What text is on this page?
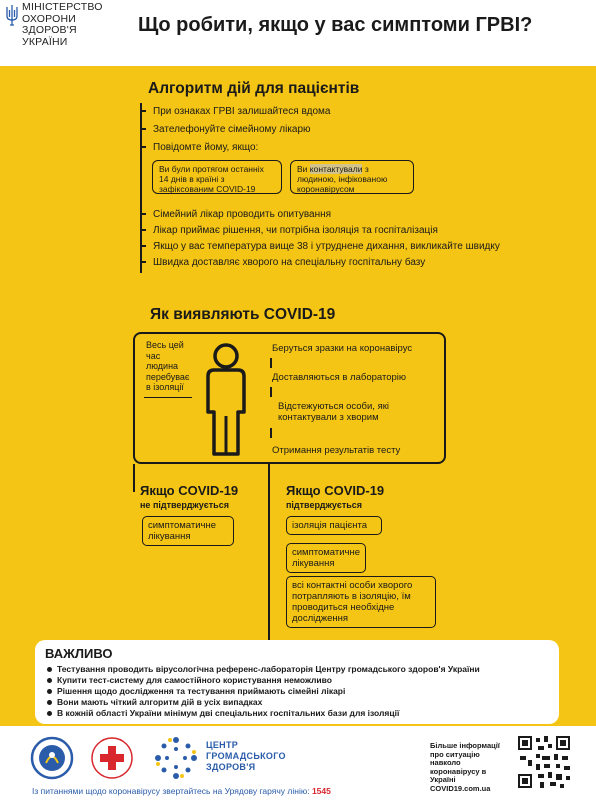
МІНІСТЕРСТВО
ОХОРОНИ
ЗДОРОВ'Я
УКРАЇНИ
Що робити, якщо у вас симптоми ГРВІ?
Алгоритм дій для пацієнтів
При ознаках ГРВІ залишайтеся вдома
Зателефонуйте сімейному лікарю
Повідомте йому, якщо:
Ви були протягом останніх 14 днів в країні з зафіксованим COVID-19
Ви контактували з людиною, інфікованою коронавірусом
Сімейний лікар проводить опитування
Лікар приймає рішення, чи потрібна ізоляція та госпіталізація
Якщо у вас температура вище 38 і утруднене дихання, викликайте швидку
Швидка доставляє хворого на спеціальну госпітальну базу
Як виявляють COVID-19
Весь цей час людина перебуває в ізоляції
Беруться зразки на коронавірус
Доставляються в лабораторію
Відстежуються особи, які контактували з хворим
Отримання результатів тесту
Якщо COVID-19
не підтверджується
симптоматичне лікування
Якщо COVID-19
підтверджується
ізоляція пацієнта
симптоматичне лікування
всі контактні особи хворого потрапляють в ізоляцію, їм проводиться необхідне дослідження
ВАЖЛИВО
Тестування проводить вірусологічна референс-лабораторія Центру громадського здоров'я України
Купити тест-систему для самостійного користування неможливо
Рішення щодо дослідження та тестування приймають сімейні лікарі
Вони мають чіткий алгоритм дій в усіх випадках
В кожній області України мінімум дві спеціальних госпітальних бази для ізоляції
ЦЕНТР
ГРОМАДСЬКОГО
ЗДОРОВ'Я
Більше інформації про ситуацію навколо коронавірусу в Україні COVID19.com.ua
Із питаннями щодо коронавірусу звертайтесь на Урядову гарячу лінію: 1545
